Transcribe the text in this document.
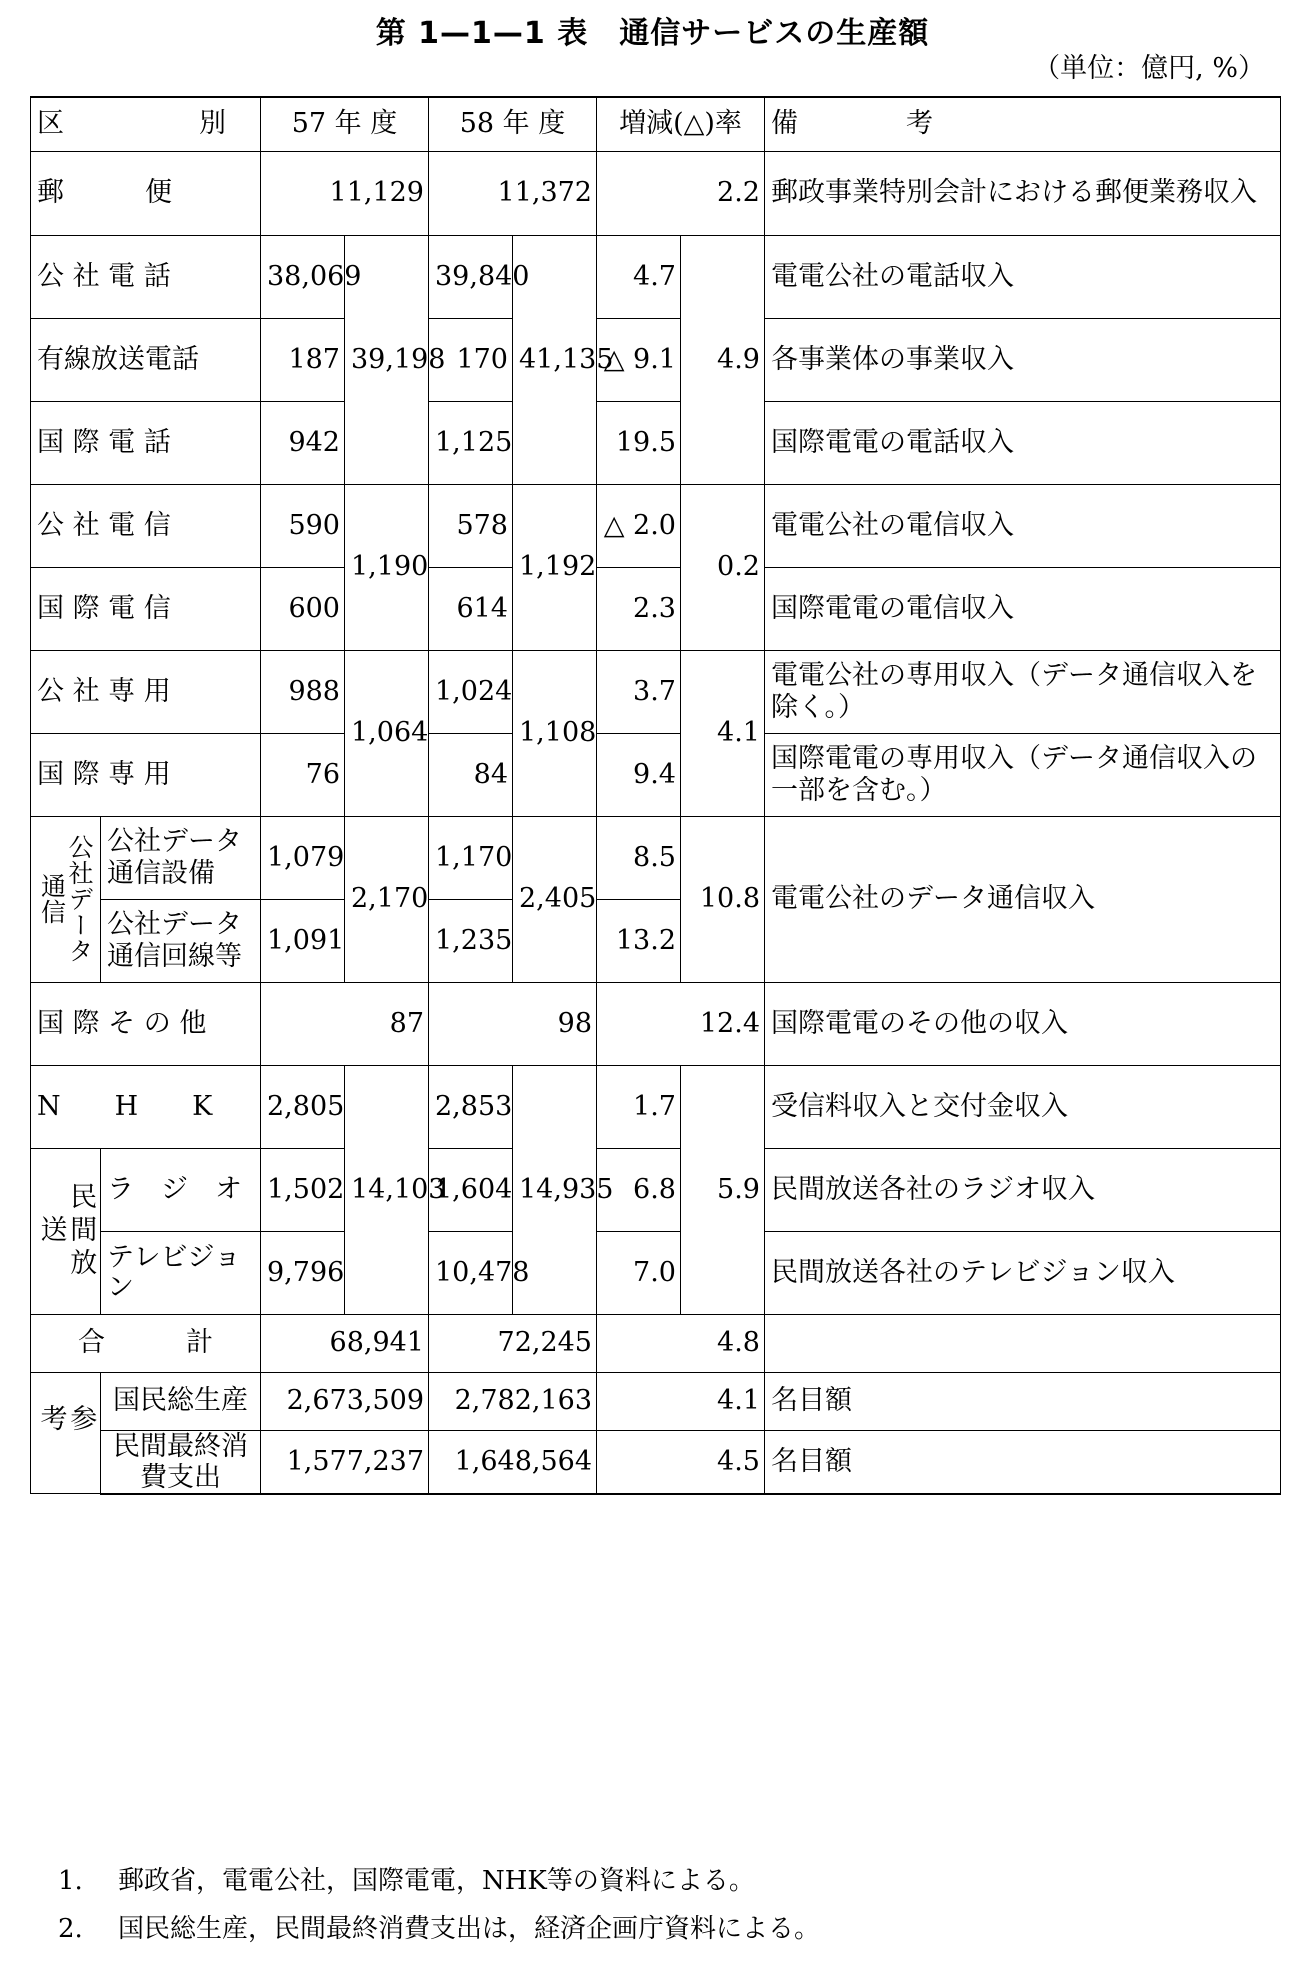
第 1—1—1 表　通信サービスの生産額
（単位：億円, %）
区　　　　　別		57 年 度		58 年 度		増減(△)率		備　　　　考
郵　　　便		11,129		11,372		2.2		郵政事業特別会計における郵便業務収入
公 社 電 話		38,069	39,198	39,840	41,135	4.7	4.9	電電公社の電話収入
有線放送電話		187		170		△ 9.1		各事業体の事業収入
国 際 電 話		942		1,125		19.5		国際電電の電話収入
公 社 電 信		590	1,190	578	1,192	△ 2.0	0.2	電電公社の電信収入
国 際 電 信		600		614		2.3		国際電電の電信収入
公 社 専 用		988	1,064	1,024	1,108	3.7	4.1	電電公社の専用収入（データ通信収入を除く。）
国 際 専 用		76		84		9.4		国際電電の専用収入（データ通信収入の一部を含む。）

公社データ通信	公社データ通信設備	1,079	2,170	1,170	2,405	8.5	10.8	電電公社のデータ通信収入
	公社データ通信回線等	1,091		1,235		13.2		
国 際 そ の 他		87		98		12.4		国際電電のその他の収入
N　　H　　K		2,805	14,103	2,853	14,935	1.7	5.9	受信料収入と交付金収入

民間放送	ラ　ジ　オ	1,502		1,604		6.8		民間放送各社のラジオ収入
	テレビジョン	9,796		10,478		7.0		民間放送各社のテレビジョン収入
合　　　計		68,941		72,245		4.8		

参考	国民総生産	2,673,509		2,782,163		4.1		名目額
	民間最終消費支出	1,577,237		1,648,564		4.5		名目額
1. 郵政省，電電公社，国際電電，NHK等の資料による。
2. 国民総生産，民間最終消費支出は，経済企画庁資料による。
